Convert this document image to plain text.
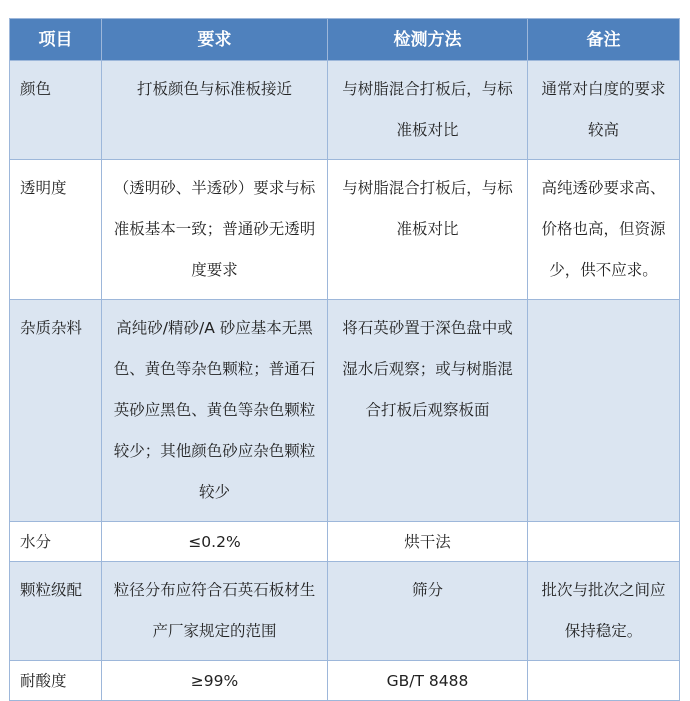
项目	要求	检测方法	备注
颜色	打板颜色与标准板接近	与树脂混合打板后，与标准板对比	通常对白度的要求较高
透明度	（透明砂、半透砂）要求与标准板基本一致；普通砂无透明度要求	与树脂混合打板后，与标准板对比	高纯透砂要求高、价格也高，但资源少，供不应求。
杂质杂料	高纯砂/精砂/A 砂应基本无黑色、黄色等杂色颗粒；普通石英砂应黑色、黄色等杂色颗粒较少；其他颜色砂应杂色颗粒较少	将石英砂置于深色盘中或湿水后观察；或与树脂混合打板后观察板面	
水分	≤0.2%	烘干法	
颗粒级配	粒径分布应符合石英石板材生产厂家规定的范围	筛分	批次与批次之间应保持稳定。
耐酸度	≥99%	GB/T 8488	
